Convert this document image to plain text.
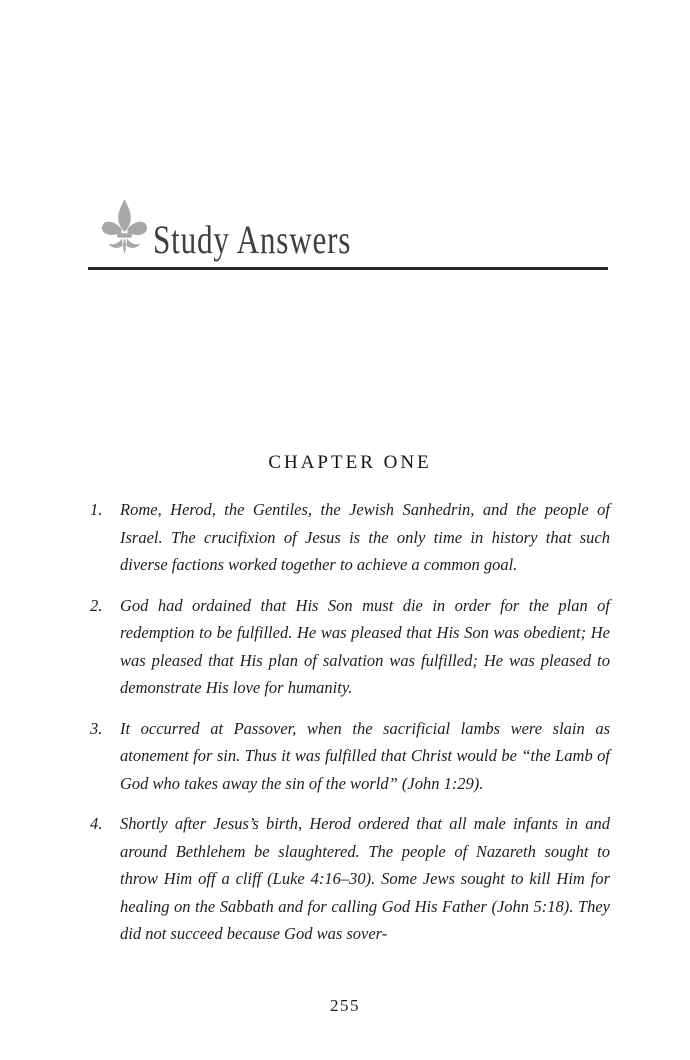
Study Answers
CHAPTER ONE
1.	Rome, Herod, the Gentiles, the Jewish Sanhedrin, and the people of Israel. The crucifixion of Jesus is the only time in history that such diverse factions worked together to achieve a common goal.

2.	God had ordained that His Son must die in order for the plan of redemption to be fulfilled. He was pleased that His Son was obedient; He was pleased that His plan of salvation was fulfilled; He was pleased to demonstrate His love for humanity.

3.	It occurred at Passover, when the sacrificial lambs were slain as atonement for sin. Thus it was fulfilled that Christ would be “the Lamb of God who takes away the sin of the world” (John 1:29).

4.	Shortly after Jesus’s birth, Herod ordered that all male infants in and around Bethlehem be slaughtered. The people of Nazareth sought to throw Him off a cliff (Luke 4:16–30). Some Jews sought to kill Him for healing on the Sabbath and for calling God His Father (John 5:18). They did not succeed because God was sover-

255
